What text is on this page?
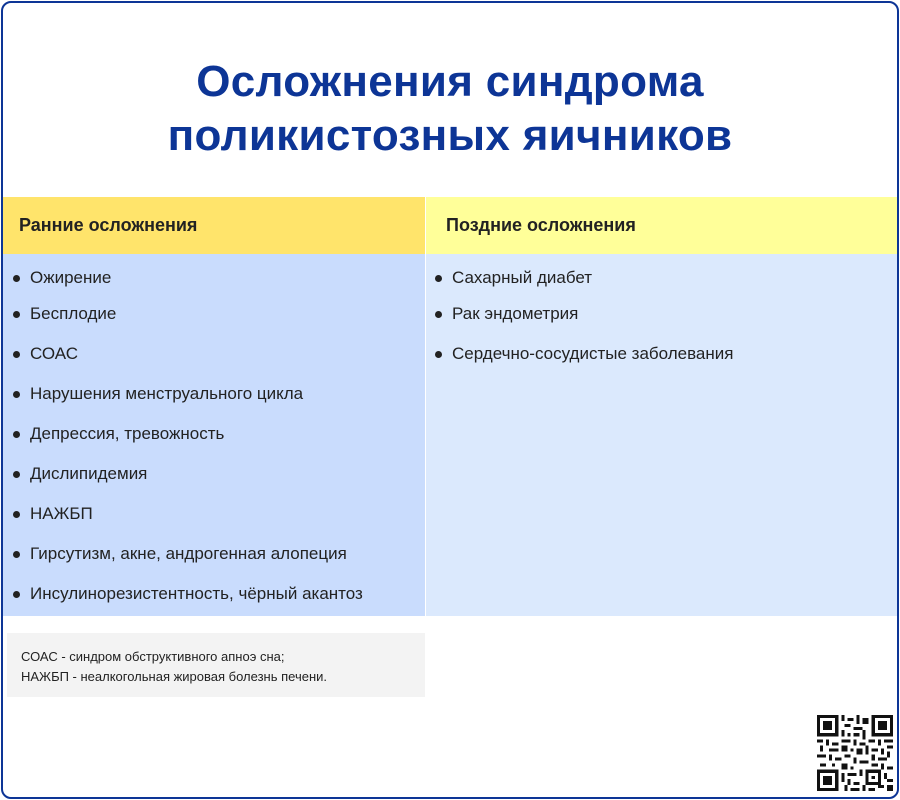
Осложнения синдрома
поликистозных яичников
Ранние осложнения	Поздние осложнения
Ожирение
Бесплодие
СОАС
Нарушения менструального цикла
Депрессия, тревожность
Дислипидемия
НАЖБП
Гирсутизм, акне, андрогенная алопеция
Инсулинорезистентность, чёрный акантоз
Сахарный диабет
Рак эндометрия
Сердечно-сосудистые заболевания
СОАС - синдром обструктивного апноэ сна;
НАЖБП - неалкогольная жировая болезнь печени.
